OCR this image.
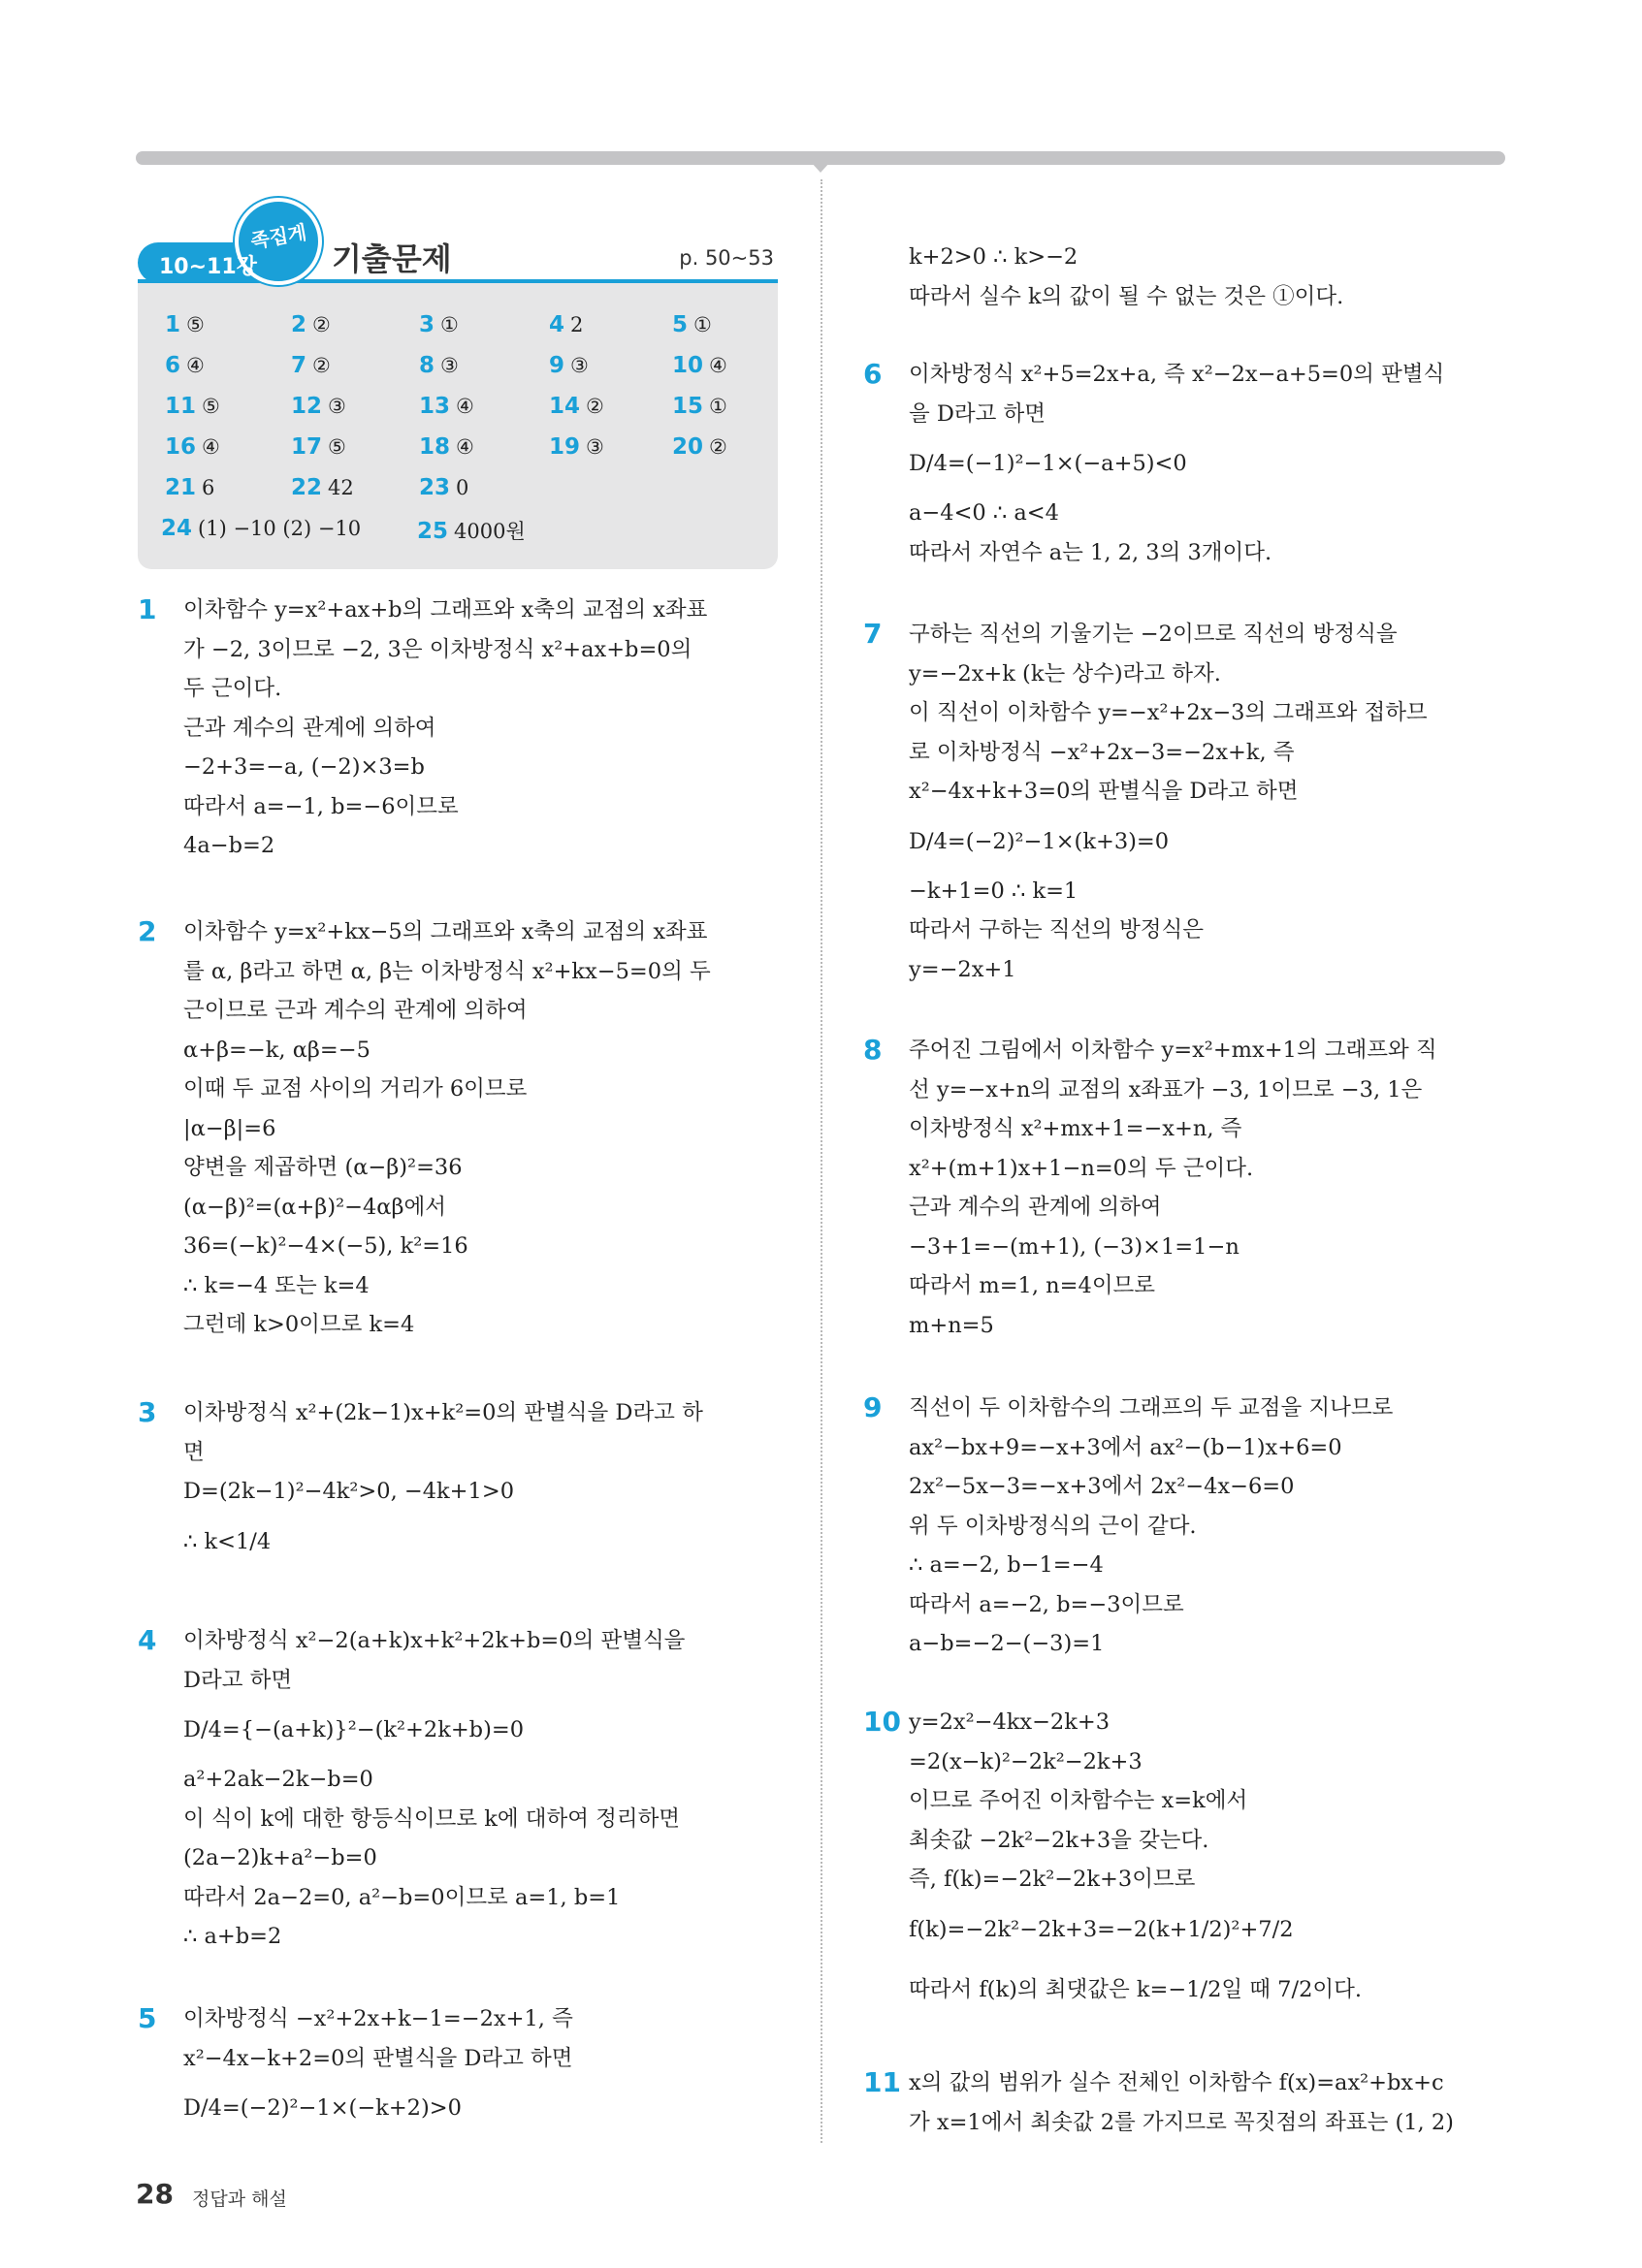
10~11강
족집게
기출문제	p. 50~53
1 ⑤	2 ②	3 ①	4 2	5 ①
6 ④	7 ②	8 ③	9 ③	10 ④
11 ⑤	12 ③	13 ④	14 ②	15 ①
16 ④	17 ⑤	18 ④	19 ③	20 ②
21 6	22 42	23 0
24 (1) −10 (2) −10	25 4000원
1 이차함수 y=x²+ax+b의 그래프와 x축의 교점의 x좌표
가 −2, 3이므로 −2, 3은 이차방정식 x²+ax+b=0의
두 근이다.
근과 계수의 관계에 의하여
−2+3=−a, (−2)×3=b
따라서 a=−1, b=−6이므로
4a−b=2
2 이차함수 y=x²+kx−5의 그래프와 x축의 교점의 x좌표
를 α, β라고 하면 α, β는 이차방정식 x²+kx−5=0의 두
근이므로 근과 계수의 관계에 의하여
α+β=−k, αβ=−5
이때 두 교점 사이의 거리가 6이므로
|α−β|=6
양변을 제곱하면 (α−β)²=36
(α−β)²=(α+β)²−4αβ에서
36=(−k)²−4×(−5), k²=16
∴ k=−4 또는 k=4
그런데 k>0이므로 k=4
3 이차방정식 x²+(2k−1)x+k²=0의 판별식을 D라고 하
면
D=(2k−1)²−4k²>0, −4k+1>0
∴ k<1/4
4 이차방정식 x²−2(a+k)x+k²+2k+b=0의 판별식을
D라고 하면
D/4={−(a+k)}²−(k²+2k+b)=0
a²+2ak−2k−b=0
이 식이 k에 대한 항등식이므로 k에 대하여 정리하면
(2a−2)k+a²−b=0
따라서 2a−2=0, a²−b=0이므로 a=1, b=1
∴ a+b=2
5 이차방정식 −x²+2x+k−1=−2x+1, 즉
x²−4x−k+2=0의 판별식을 D라고 하면
D/4=(−2)²−1×(−k+2)>0
k+2>0 ∴ k>−2
따라서 실수 k의 값이 될 수 없는 것은 ①이다.
6 이차방정식 x²+5=2x+a, 즉 x²−2x−a+5=0의 판별식
을 D라고 하면
D/4=(−1)²−1×(−a+5)<0
a−4<0 ∴ a<4
따라서 자연수 a는 1, 2, 3의 3개이다.
7 구하는 직선의 기울기는 −2이므로 직선의 방정식을
y=−2x+k (k는 상수)라고 하자.
이 직선이 이차함수 y=−x²+2x−3의 그래프와 접하므
로 이차방정식 −x²+2x−3=−2x+k, 즉
x²−4x+k+3=0의 판별식을 D라고 하면
D/4=(−2)²−1×(k+3)=0
−k+1=0 ∴ k=1
따라서 구하는 직선의 방정식은
y=−2x+1
8 주어진 그림에서 이차함수 y=x²+mx+1의 그래프와 직
선 y=−x+n의 교점의 x좌표가 −3, 1이므로 −3, 1은
이차방정식 x²+mx+1=−x+n, 즉
x²+(m+1)x+1−n=0의 두 근이다.
근과 계수의 관계에 의하여
−3+1=−(m+1), (−3)×1=1−n
따라서 m=1, n=4이므로
m+n=5
9 직선이 두 이차함수의 그래프의 두 교점을 지나므로
ax²−bx+9=−x+3에서 ax²−(b−1)x+6=0
2x²−5x−3=−x+3에서 2x²−4x−6=0
위 두 이차방정식의 근이 같다.
∴ a=−2, b−1=−4
따라서 a=−2, b=−3이므로
a−b=−2−(−3)=1
10 y=2x²−4kx−2k+3
=2(x−k)²−2k²−2k+3
이므로 주어진 이차함수는 x=k에서
최솟값 −2k²−2k+3을 갖는다.
즉, f(k)=−2k²−2k+3이므로
f(k)=−2k²−2k+3=−2(k+1/2)²+7/2
따라서 f(k)의 최댓값은 k=−1/2일 때 7/2이다.
11 x의 값의 범위가 실수 전체인 이차함수 f(x)=ax²+bx+c
가 x=1에서 최솟값 2를 가지므로 꼭짓점의 좌표는 (1, 2)
28 정답과 해설
